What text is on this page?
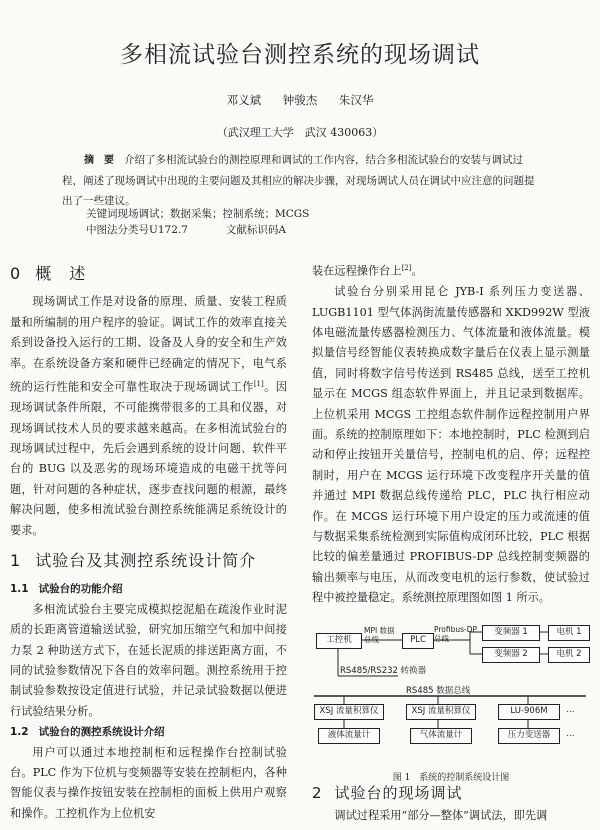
多相流试验台测控系统的现场调试
邓义斌 钟骏杰 朱汉华
（武汉理工大学　武汉 430063）
摘　要 介绍了多相流试验台的测控原理和调试的工作内容，结合多相流试验台的安装与调试过程，阐述了现场调试中出现的主要问题及其相应的解决步骤，对现场调试人员在调试中应注意的问题提出了一些建议。
关键词现场调试；数据采集；控制系统；MCGS
中图法分类号U172.7	文献标识码A
0 概　述

现场调试工作是对设备的原理、质量、安装工程质量和所编制的用户程序的验证。调试工作的效率直接关系到设备投入运行的工期、设备及人身的安全和生产效率。在系统设备方案和硬件已经确定的情况下，电气系统的运行性能和安全可靠性取决于现场调试工作[1]。因现场调试条件所限，不可能携带很多的工具和仪器，对现场调试技术人员的要求越来越高。在多相流试验台的现场调试过程中，先后会遇到系统的设计问题、软件平台的 BUG 以及恶劣的现场环境造成的电磁干扰等问题，针对问题的各种症状，逐步查找问题的根源，最终解决问题，使多相流试验台测控系统能满足系统设计的要求。

1 试验台及其测控系统设计简介
1.1 试验台的功能介绍

多相流试验台主要完成模拟挖泥船在疏浚作业时泥质的长距离管道输送试验，研究加压缩空气和加中间接力泵 2 种助送方式下，在延长泥质的排送距离方面，不同的试验参数情况下各自的效率问题。测控系统用于控制试验参数按设定值进行试验，并记录试验数据以便进行试验结果分析。

1.2 试验台的测控系统设计介绍

用户可以通过本地控制柜和远程操作台控制试验台。PLC 作为下位机与变频器等安装在控制柜内，各种智能仪表与操作按钮安装在控制柜的面板上供用户观察和操作。工控机作为上位机安

装在远程操作台上[2]。

试验台分别采用昆仑 JYB-I 系列压力变送器、LUGB1101 型气体涡街流量传感器和 XKD992W 型液体电磁流量传感器检测压力、气体流量和液体流量。模拟量信号经智能仪表转换成数字量后在仪表上显示测量值，同时将数字信号传送到 RS485 总线，送至工控机显示在 MCGS 组态软件界面上，并且记录到数据库。上位机采用 MCGS 工控组态软件制作远程控制用户界面。系统的控制原理如下：本地控制时，PLC 检测到启动和停止按钮开关量信号，控制电机的启、停；远程控制时，用户在 MCGS 运行环境下改变程序开关量的值并通过 MPI 数据总线传递给 PLC，PLC 执行相应动作。在 MCGS 运行环境下用户设定的压力或流速的值与数据采集系统检测到实际值构成闭环比较，PLC 根据比较的偏差量通过 PROFIBUS-DP 总线控制变频器的输出频率与电压，从而改变电机的运行参数，使试验过程中被控量稳定。系统测控原理图如图 1 所示。

工控机
MPI 数据总线	PLC
Profibus-DP 总线
变频器 1
变频器 2
电机 1
电机 2
RS485/RS232 转换器
RS485 数据总线
XSJ 流量积算仪	XSJ 流量积算仪	LU-906M	…
液体流量计	气体流量计	压力变送器	…
图 1　系统的控制系统设计图
2 试验台的现场调试

调试过程采用“部分—整体”调试法，即先调
